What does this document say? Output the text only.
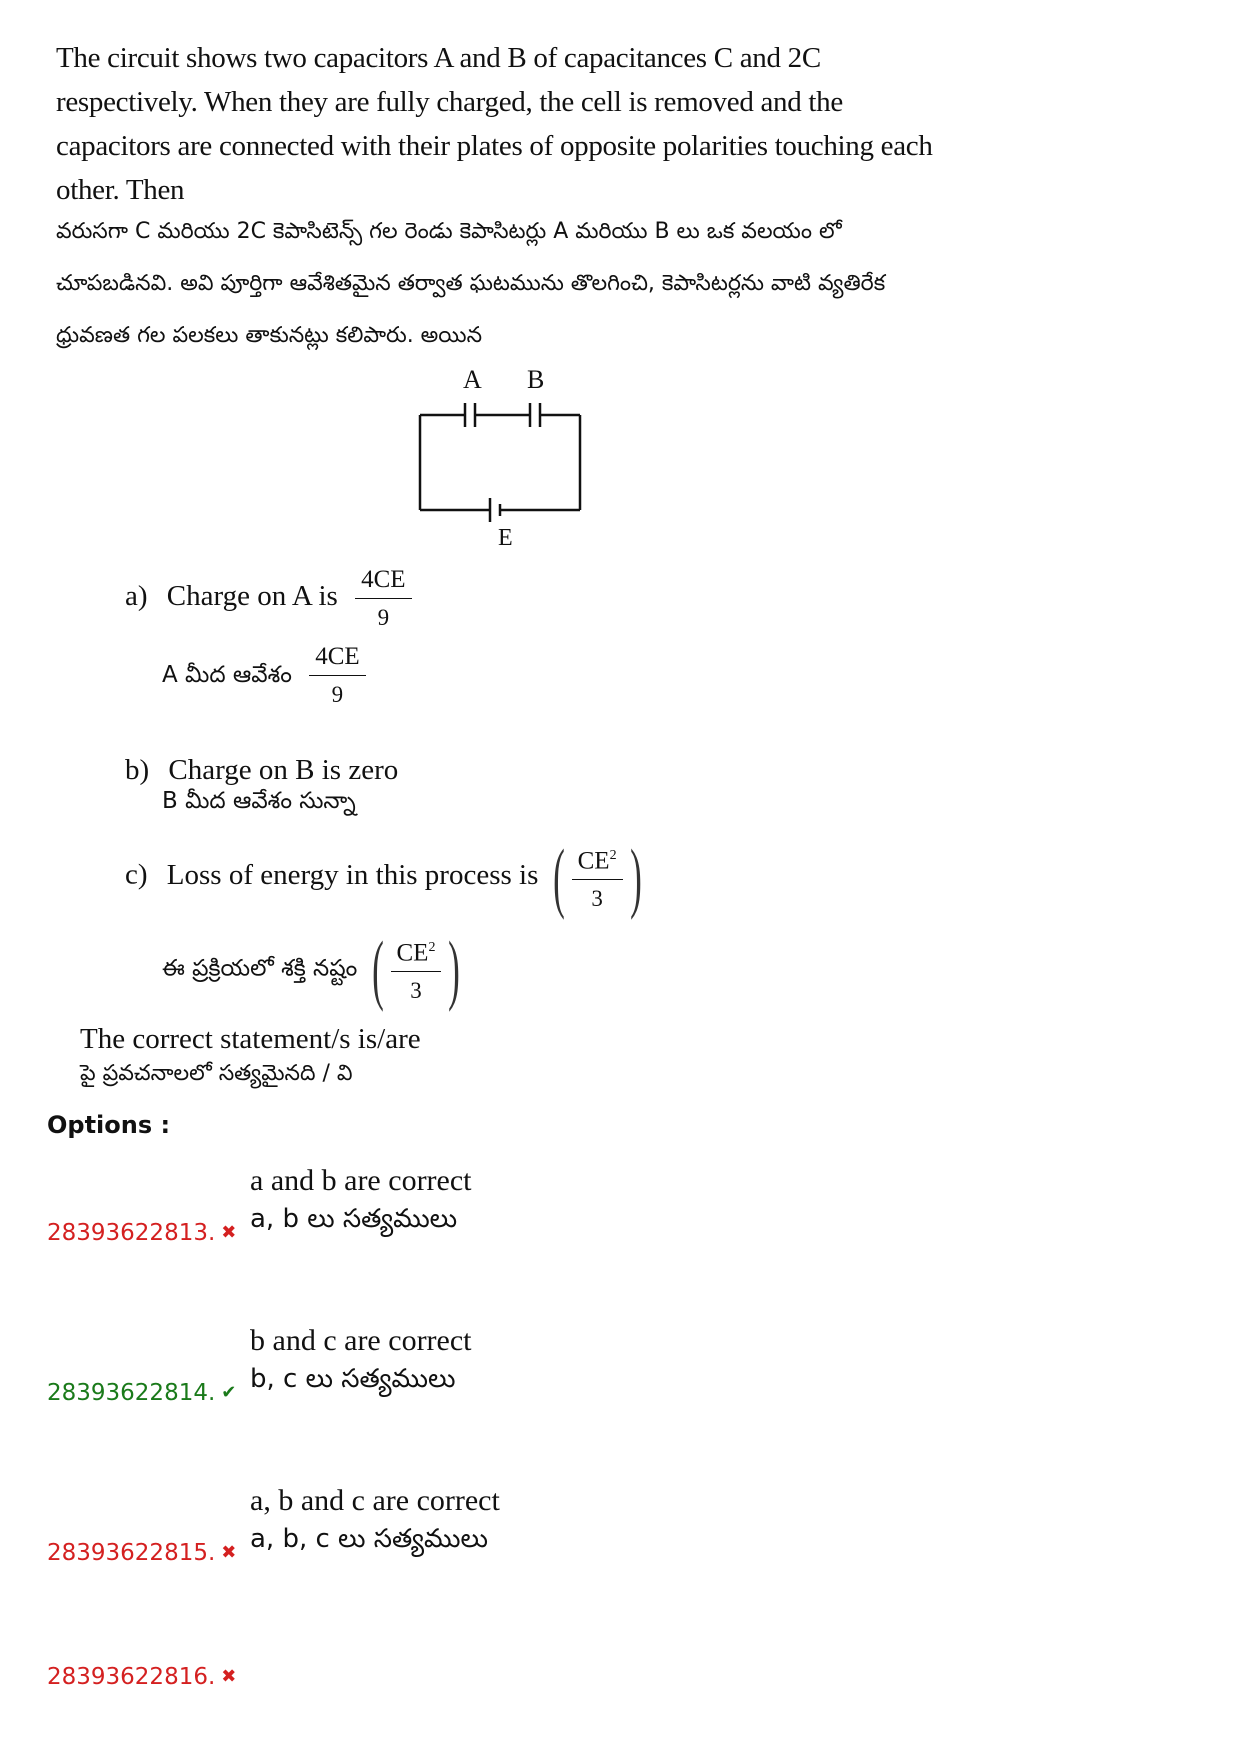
The circuit shows two capacitors A and B of capacitances C and 2C respectively. When they are fully charged, the cell is removed and the capacitors are connected with their plates of opposite polarities touching each other. Then
వరుసగా C మరియు 2C కెపాసిటెన్స్ గల రెండు కెపాసిటర్లు A మరియు B లు ఒక వలయం లో చూపబడినవి. అవి పూర్తిగా ఆవేశితమైన తర్వాత ఘటమును తొలగించి, కెపాసిటర్లను వాటి వ్యతిరేక ధ్రువణత గల పలకలు తాకునట్లు కలిపారు. అయిన
A B
E
a) Charge on A is $\frac{4CE}{9}$
A మీద ఆవేశం $\frac{4CE}{9}$
b) Charge on B is zero
B మీద ఆవేశం సున్నా
c) Loss of energy in this process is ( $\frac{CE^2}{3}$ )
ఈ ప్రక్రియలో శక్తి నష్టం ( $\frac{CE^2}{3}$ )
The correct statement/s is/are
పై ప్రవచనాలలో సత్యమైనది / వి
Options :
a and b are correct
a, b లు సత్యములు
28393622813. ✖
b and c are correct
b, c లు సత్యములు
28393622814. ✔
a, b and c are correct
a, b, c లు సత్యములు
28393622815. ✖
28393622816. ✖
